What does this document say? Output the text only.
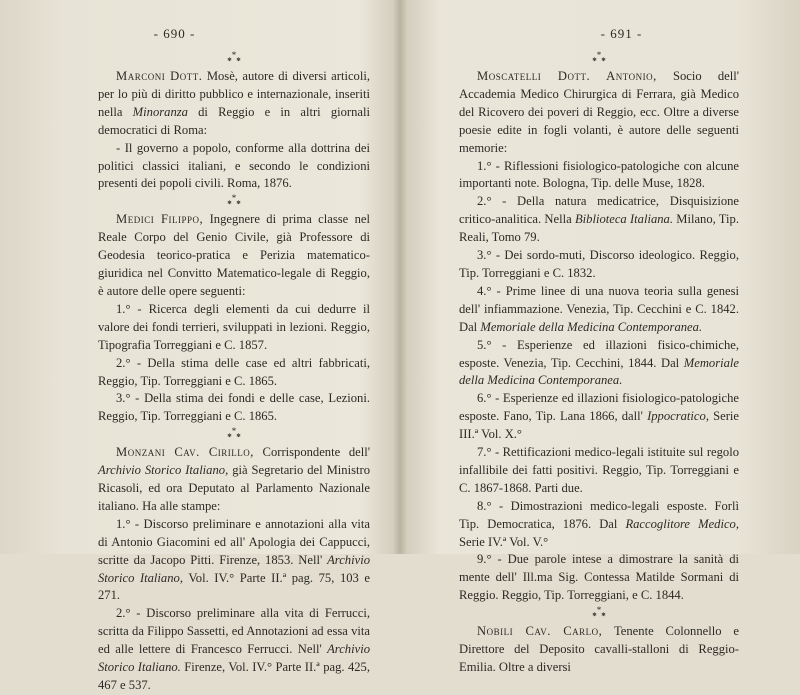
- 690 -
*
* *

Marconi Dott. Mosè, autore di diversi articoli, per lo più di diritto pubblico e internazionale, inseriti nella Minoranza di Reggio e in altri giornali democratici di Roma:

- Il governo a popolo, conforme alla dottrina dei politici classici italiani, e secondo le condizioni presenti dei popoli civili. Roma, 1876.

*
* *

Medici Filippo, Ingegnere di prima classe nel Reale Corpo del Genio Civile, già Professore di Geodesia teorico-pratica e Perizia matematico-giuridica nel Convitto Matematico-legale di Reggio, è autore delle opere seguenti:

1.° - Ricerca degli elementi da cui dedurre il valore dei fondi terrieri, sviluppati in lezioni. Reggio, Tipografia Torreggiani e C. 1857.

2.° - Della stima delle case ed altri fabbricati, Reggio, Tip. Torreggiani e C. 1865.

3.° - Della stima dei fondi e delle case, Lezioni. Reggio, Tip. Torreggiani e C. 1865.

*
* *

Monzani Cav. Cirillo, Corrispondente dell' Archivio Storico Italiano, già Segretario del Ministro Ricasoli, ed ora Deputato al Parlamento Nazionale italiano. Ha alle stampe:

1.° - Discorso preliminare e annotazioni alla vita di Antonio Giacomini ed all' Apologia dei Cappucci, scritte da Jacopo Pitti. Firenze, 1853. Nell' Archivio Storico Italiano, Vol. IV.° Parte II.ª pag. 75, 103 e 271.

2.° - Discorso preliminare alla vita di Ferrucci, scritta da Filippo Sassetti, ed Annotazioni ad essa vita ed alle lettere di Francesco Ferrucci. Nell' Archivio Storico Italiano. Firenze, Vol. IV.° Parte II.ª pag. 425, 467 e 537.

- 691 -
*
* *

Moscatelli Dott. Antonio, Socio dell' Accademia Medico Chirurgica di Ferrara, già Medico del Ricovero dei poveri di Reggio, ecc. Oltre a diverse poesie edite in fogli volanti, è autore delle seguenti memorie:

1.° - Riflessioni fisiologico-patologiche con alcune importanti note. Bologna, Tip. delle Muse, 1828.

2.° - Della natura medicatrice, Disquisizione critico-analitica. Nella Biblioteca Italiana. Milano, Tip. Reali, Tomo 79.

3.° - Dei sordo-muti, Discorso ideologico. Reggio, Tip. Torreggiani e C. 1832.

4.° - Prime linee di una nuova teoria sulla genesi dell' infiammazione. Venezia, Tip. Cecchini e C. 1842. Dal Memoriale della Medicina Contemporanea.

5.° - Esperienze ed illazioni fisico-chimiche, esposte. Venezia, Tip. Cecchini, 1844. Dal Memoriale della Medicina Contemporanea.

6.° - Esperienze ed illazioni fisiologico-patologiche esposte. Fano, Tip. Lana 1866, dall' Ippocratico, Serie III.ª Vol. X.°

7.° - Rettificazioni medico-legali istituite sul regolo infallibile dei fatti positivi. Reggio, Tip. Torreggiani e C. 1867-1868. Parti due.

8.° - Dimostrazioni medico-legali esposte. Forlì Tip. Democratica, 1876. Dal Raccoglitore Medico, Serie IV.ª Vol. V.°

9.° - Due parole intese a dimostrare la sanità di mente dell' Ill.ma Sig. Contessa Matilde Sormani di Reggio. Reggio, Tip. Torreggiani, e C. 1844.

*
* *

Nobili Cav. Carlo, Tenente Colonnello e Direttore del Deposito cavalli-stalloni di Reggio-Emilia. Oltre a diversi
